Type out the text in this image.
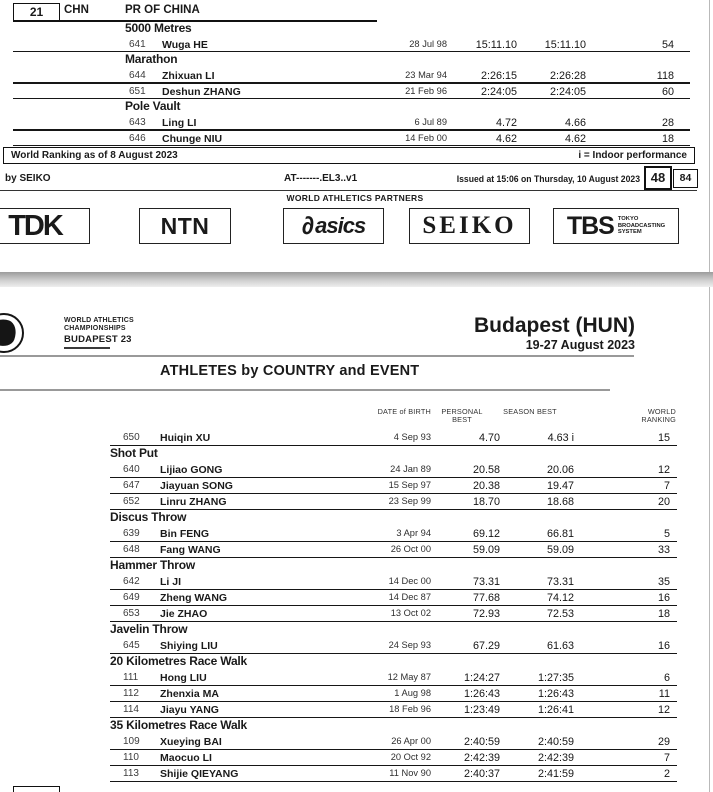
21	CHN	PR OF CHINA
5000 Metres
641 Wuga HE	28 Jul 98	15:11.10	15:11.10	54
Marathon
644 Zhixuan LI	23 Mar 94	2:26:15	2:26:28	118
651 Deshun ZHANG	21 Feb 96	2:24:05	2:24:05	60
Pole Vault
643 Ling LI	6 Jul 89	4.72	4.66	28
646 Chunge NIU	14 Feb 00	4.62	4.62	18
World Ranking as of 8 August 2023	i = Indoor performance
by SEIKO	AT-------.EL3..v1	Issued at 15:06 on Thursday, 10 August 2023 48	84
WORLD ATHLETICS PARTNERS
TDK	NTN	∂ asics SEIKO TBS TOKYO
BROADCASTING
SYSTEM
WORLD ATHLETICS
CHAMPIONSHIPS
BUDAPEST 23
Budapest (HUN)
19-27 August 2023
ATHLETES by COUNTRY and EVENT
DATE of BIRTH	PERSONAL
BEST
SEASON BEST	WORLD
RANKING
650 Huiqin XU	4 Sep 93	4.70	4.63 i	15
Shot Put
640 Lijiao GONG	24 Jan 89	20.58	20.06	12
647 Jiayuan SONG	15 Sep 97	20.38	19.47	7
652 Linru ZHANG	23 Sep 99	18.70	18.68	20
Discus Throw
639 Bin FENG	3 Apr 94	69.12	66.81	5
648 Fang WANG	26 Oct 00	59.09	59.09	33
Hammer Throw
642 Li JI	14 Dec 00	73.31	73.31	35
649 Zheng WANG	14 Dec 87	77.68	74.12	16
653 Jie ZHAO	13 Oct 02	72.93	72.53	18
Javelin Throw
645 Shiying LIU	24 Sep 93	67.29	61.63	16
20 Kilometres Race Walk
111 Hong LIU	12 May 87	1:24:27	1:27:35	6
112 Zhenxia MA	1 Aug 98	1:26:43	1:26:43	11
114 Jiayu YANG	18 Feb 96	1:23:49	1:26:41	12
35 Kilometres Race Walk
109 Xueying BAI	26 Apr 00	2:40:59	2:40:59	29
110 Maocuo LI	20 Oct 92	2:42:39	2:42:39	7
113 Shijie QIEYANG	11 Nov 90	2:40:37	2:41:59	2
